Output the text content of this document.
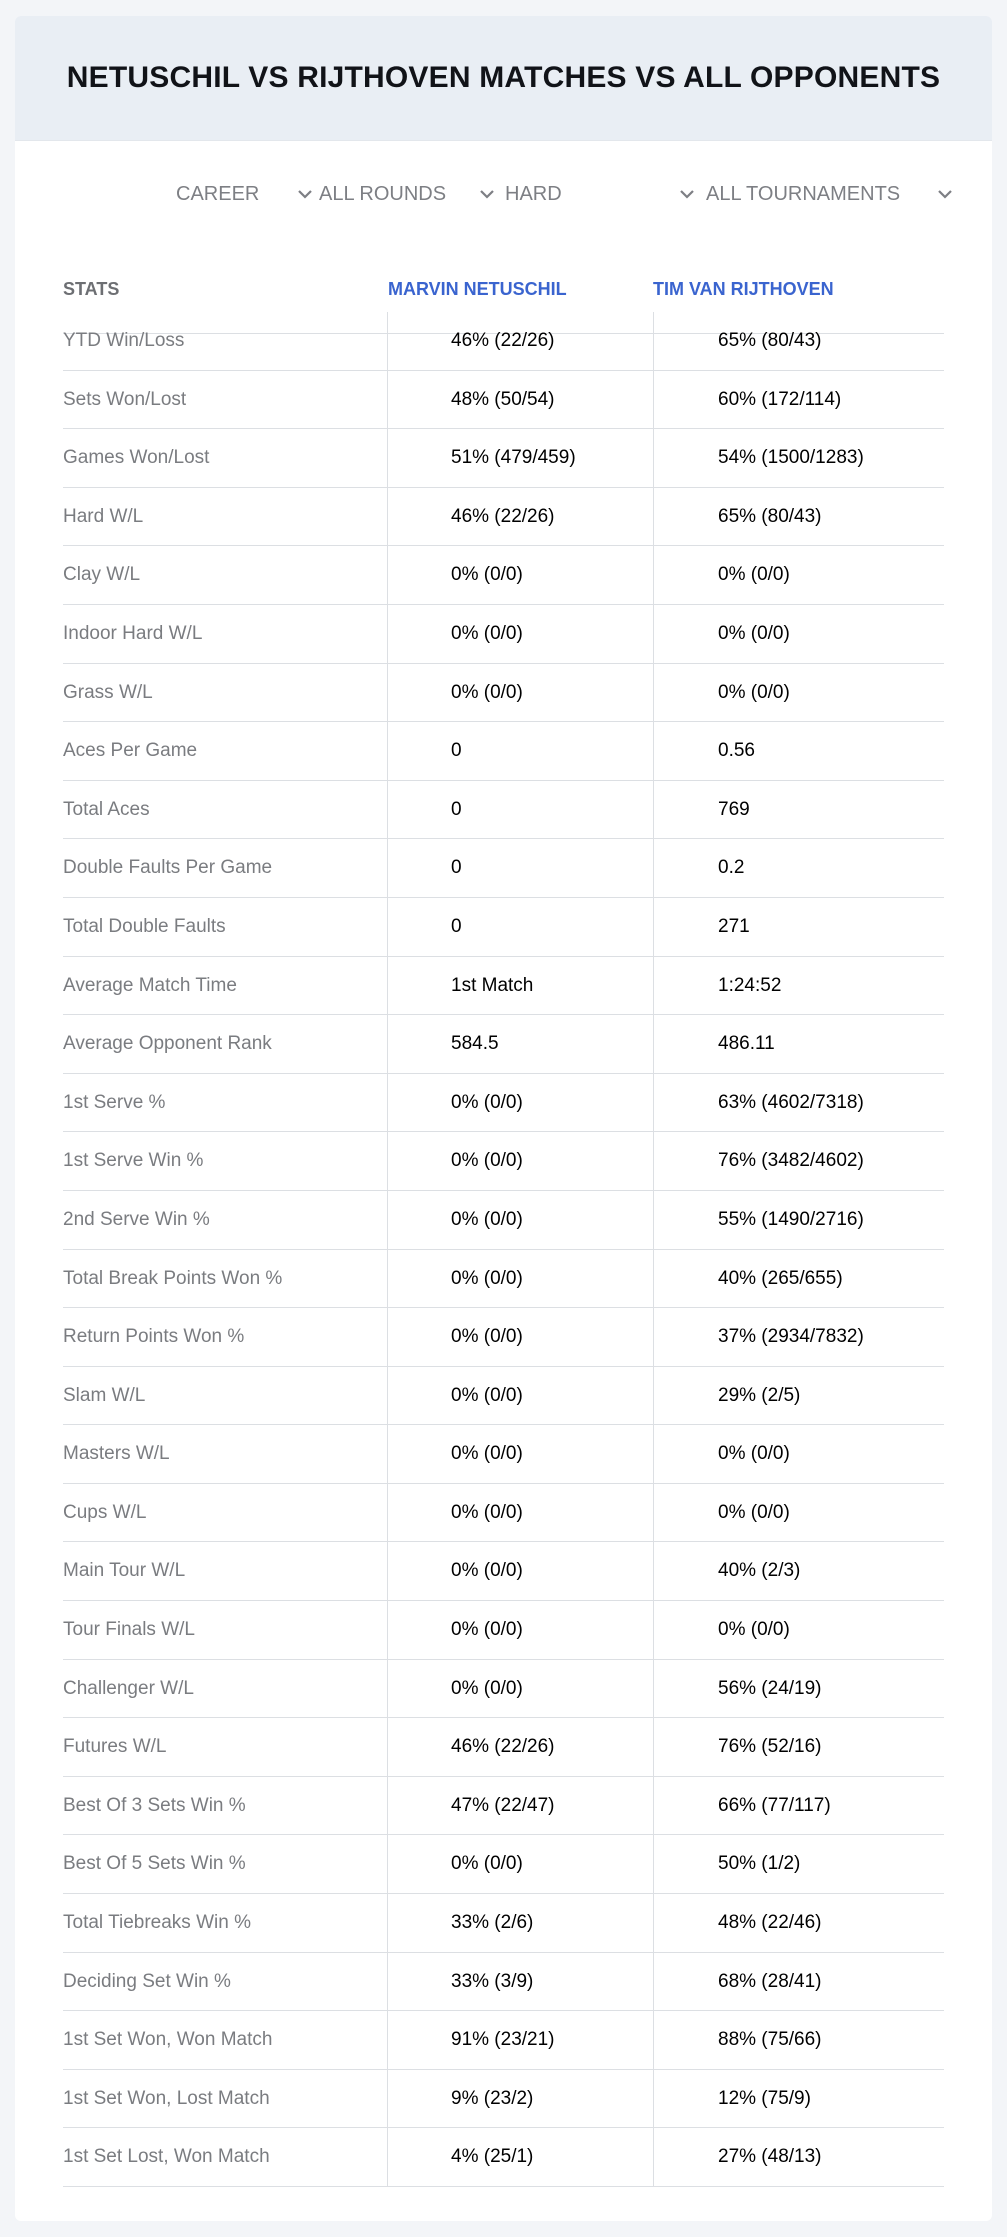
NETUSCHIL VS RIJTHOVEN MATCHES VS ALL OPPONENTS
CAREER	ALL ROUNDS	HARD	ALL TOURNAMENTS
STATS	MARVIN NETUSCHIL	TIM VAN RIJTHOVEN
YTD Win/Loss	46% (22/26)	65% (80/43)
Sets Won/Lost	48% (50/54)	60% (172/114)
Games Won/Lost	51% (479/459)	54% (1500/1283)
Hard W/L	46% (22/26)	65% (80/43)
Clay W/L	0% (0/0)	0% (0/0)
Indoor Hard W/L	0% (0/0)	0% (0/0)
Grass W/L	0% (0/0)	0% (0/0)
Aces Per Game	0	0.56
Total Aces	0	769
Double Faults Per Game	0	0.2
Total Double Faults	0	271
Average Match Time	1st Match	1:24:52
Average Opponent Rank	584.5	486.11
1st Serve %	0% (0/0)	63% (4602/7318)
1st Serve Win %	0% (0/0)	76% (3482/4602)
2nd Serve Win %	0% (0/0)	55% (1490/2716)
Total Break Points Won %	0% (0/0)	40% (265/655)
Return Points Won %	0% (0/0)	37% (2934/7832)
Slam W/L	0% (0/0)	29% (2/5)
Masters W/L	0% (0/0)	0% (0/0)
Cups W/L	0% (0/0)	0% (0/0)
Main Tour W/L	0% (0/0)	40% (2/3)
Tour Finals W/L	0% (0/0)	0% (0/0)
Challenger W/L	0% (0/0)	56% (24/19)
Futures W/L	46% (22/26)	76% (52/16)
Best Of 3 Sets Win %	47% (22/47)	66% (77/117)
Best Of 5 Sets Win %	0% (0/0)	50% (1/2)
Total Tiebreaks Win %	33% (2/6)	48% (22/46)
Deciding Set Win %	33% (3/9)	68% (28/41)
1st Set Won, Won Match	91% (23/21)	88% (75/66)
1st Set Won, Lost Match	9% (23/2)	12% (75/9)
1st Set Lost, Won Match	4% (25/1)	27% (48/13)
